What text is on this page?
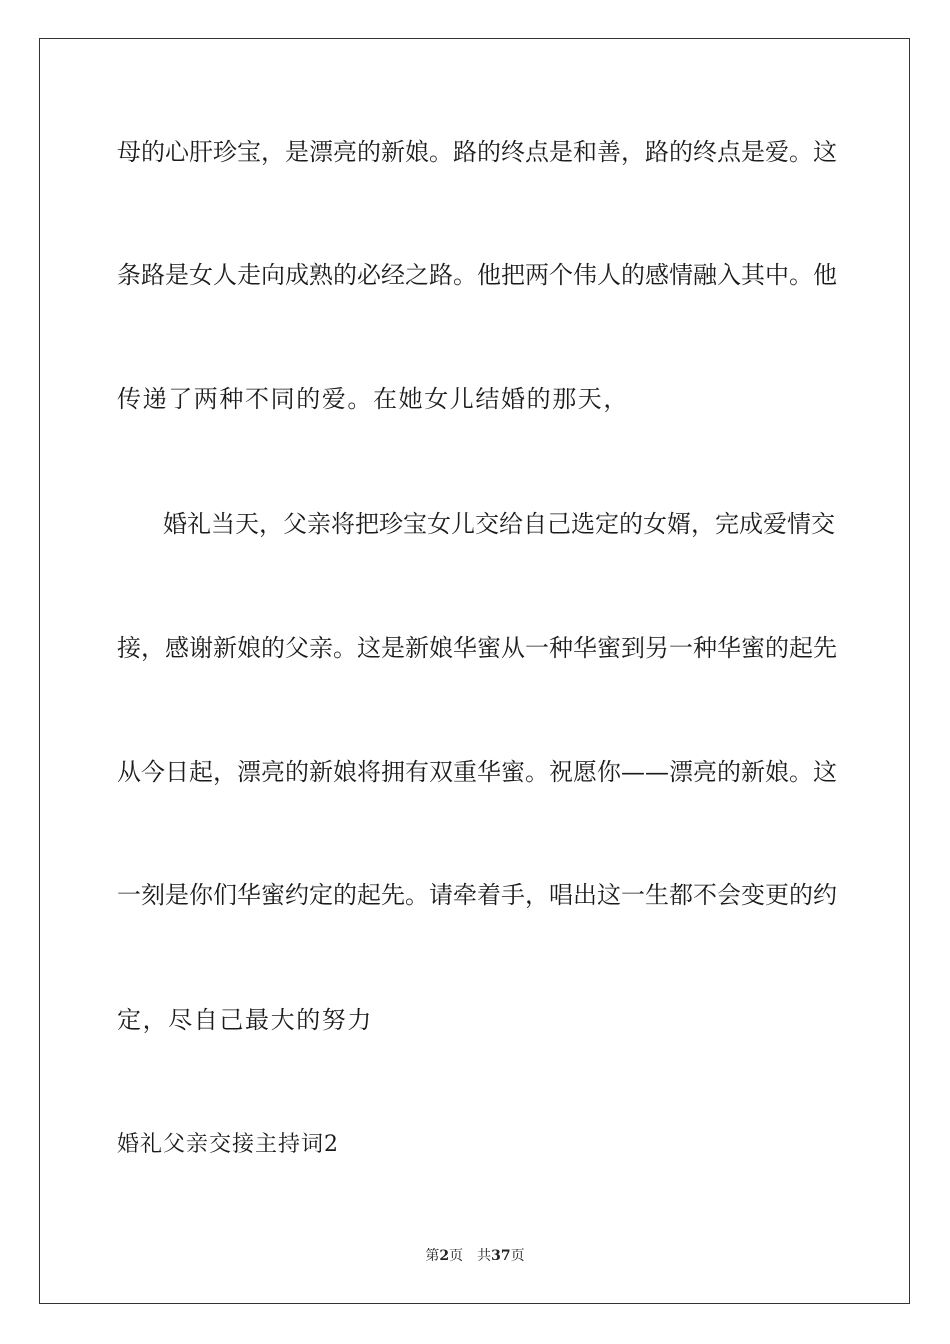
母的心肝珍宝，是漂亮的新娘。路的终点是和善，路的终点是爱。这
条路是女人走向成熟的必经之路。他把两个伟人的感情融入其中。他
传递了两种不同的爱。在她女儿结婚的那天，
婚礼当天，父亲将把珍宝女儿交给自己选定的女婿，完成爱情交
接，感谢新娘的父亲。这是新娘华蜜从一种华蜜到另一种华蜜的起先
从今日起，漂亮的新娘将拥有双重华蜜。祝愿你——漂亮的新娘。这
一刻是你们华蜜约定的起先。请牵着手，唱出这一生都不会变更的约
定，尽自己最大的努力
婚礼父亲交接主持词2
第2页 共37页
